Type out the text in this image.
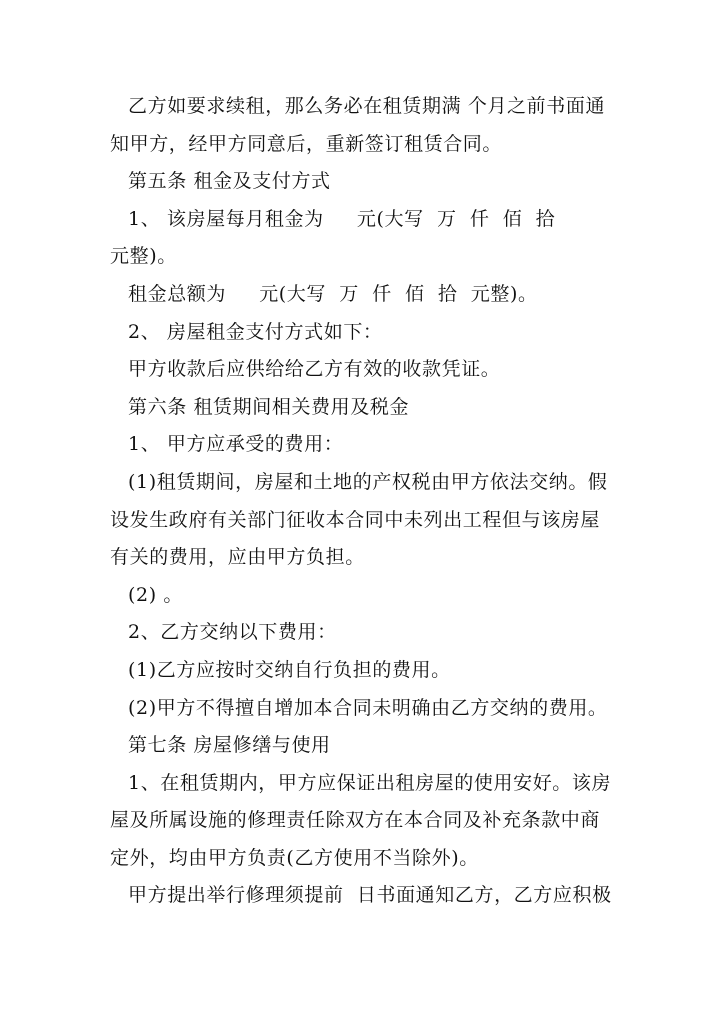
乙方如要求续租，那么务必在租赁期满 个月之前书面通
知甲方，经甲方同意后，重新签订租赁合同。
第五条 租金及支付方式
1、 该房屋每月租金为     元(大写  万  仟  佰  拾
元整)。
租金总额为     元(大写  万  仟  佰  拾  元整)。
2、 房屋租金支付方式如下：
甲方收款后应供给给乙方有效的收款凭证。
第六条 租赁期间相关费用及税金
1、 甲方应承受的费用：
(1)租赁期间，房屋和土地的产权税由甲方依法交纳。假
设发生政府有关部门征收本合同中未列出工程但与该房屋
有关的费用，应由甲方负担。
(2) 。
2、乙方交纳以下费用：
(1)乙方应按时交纳自行负担的费用。
(2)甲方不得擅自增加本合同未明确由乙方交纳的费用。
第七条 房屋修缮与使用
1、在租赁期内，甲方应保证出租房屋的使用安好。该房
屋及所属设施的修理责任除双方在本合同及补充条款中商
定外，均由甲方负责(乙方使用不当除外)。
甲方提出举行修理须提前  日书面通知乙方，乙方应积极
